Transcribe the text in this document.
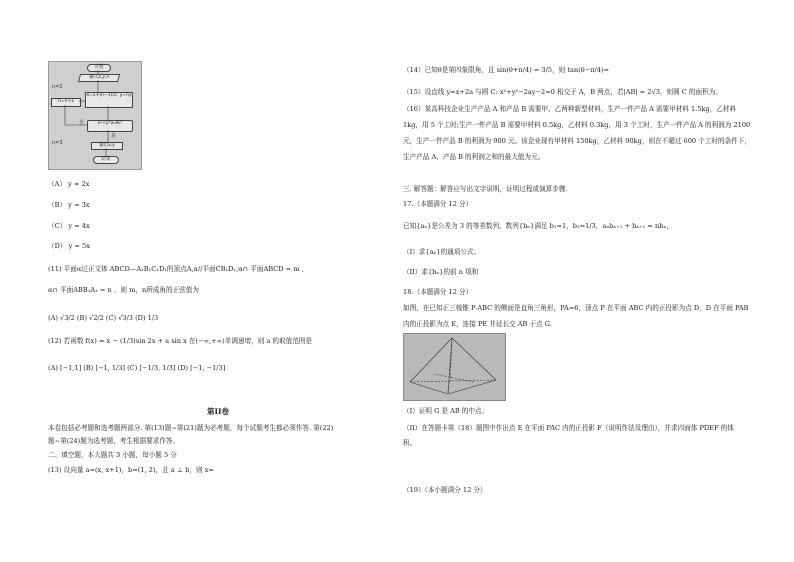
开始
输入x,y,n
n=n+1
x=x+(n−1)/2, y=ny
x²+y²≥36?
否
是
输出x,y
结束
n=2
n=3
（A） y = 2x
（B） y = 3x
（C） y = 4x
（D） y = 5x
(11) 平面α过正文体 ABCD—A₁B₁C₁D₁的顶点A,α//平面CB₁D₁,α∩ 平面ABCD = m ,
α∩ 平面ABB₁A₁ = n ，则 m，n所成角的正弦值为
(A) √3/2 (B) √2/2 (C) √3/3 (D) 1/3
(12) 若函数 f(x) = x − (1/3)sin 2x + a sin x 在(−∞,+∞)单调递增，则 a 的取值范围是
(A) [−1,1] (B) [−1, 1/3] (C) [−1/3, 1/3] (D) [−1, −1/3]
第II卷
本卷包括必考题和选考题两部分. 第(13)题~第(21)题为必考题，每个试题考生都必须作答. 第(22)
题~第(24)题为选考题，考生根据要求作答。
二、填空题，本大题共 3 小题，每小题 5 分
(13) 设向量 a=(x, x+1)，b=(1, 2)，且 a ⊥ b，则 x=
（14）已知θ是第四象限角，且 sin(θ+π/4) = 3/5，则 tan(θ−π/4)=
（15）设直线 y=x+2a 与圆 C: x²+y²−2ay−2=0 相交于 A，B 两点，若|AB| = 2√3，则圆 C 的面积为。
（16）某高科技企业生产产品 A 和产品 B 需要甲、乙两种新型材料，生产一件产品 A 需要甲材料 1.5kg，乙材料
1kg，用 5 个工时;生产一件产品 B 需要甲材料 0.5kg，乙材料 0.3kg，用 3 个工时，生产一件产品 A 的利润为 2100
元，生产一件产品 B 的利润为 900 元。该企业现有甲材料 150kg，乙材料 90kg，则在不超过 600 个工时的条件下，
生产产品 A、产品 B 的利润之和的最大值为元。
三. 解答题：解答应写出文字说明，证明过程或演算步骤.
17.（本题满分 12 分）
已知{aₙ}是公差为 3 的等差数列，数列{bₙ}满足 b₁=1，b₂=1/3，aₙbₙ₊₁ + bₙ₊₁ = nbₙ，
（I）求{aₙ}的通项公式；
（II）求{bₙ}的前 n 项和
18.（本题满分 12 分）
如图，在已知正三棱锥 P-ABC 的侧面是直角三角形，PA=6，顶点 P 在平面 ABC 内的正投影为点 D，D 在平面 PAB
内的正投影为点 E，连接 PE 并延长交 AB 于点 G.
（I）证明 G 是 AB 的中点；
（II）在答题卡第（18）题图中作出点 E 在平面 PAC 内的正投影 F（说明作法及理由），并求四面体 PDEF 的体
积。
（19）（本小题满分 12 分）
